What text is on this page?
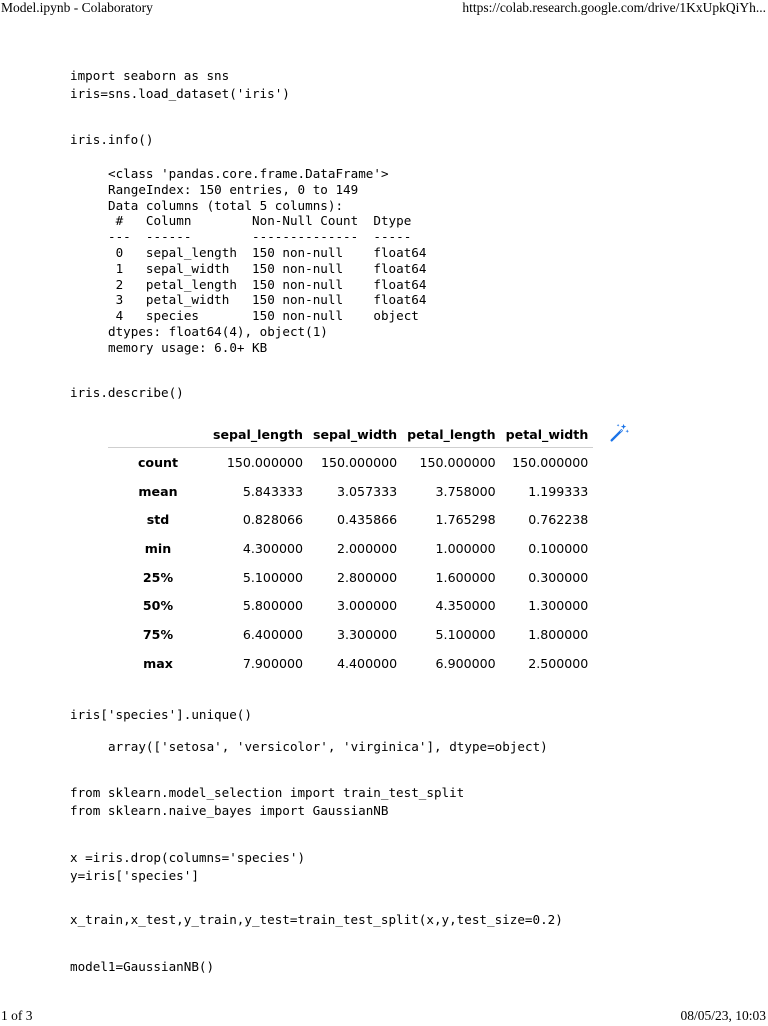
Model.ipynb - Colaboratory	https://colab.research.google.com/drive/1KxUpkQiYh...
import seaborn as sns
iris=sns.load_dataset('iris')
iris.info()
<class 'pandas.core.frame.DataFrame'>
RangeIndex: 150 entries, 0 to 149
Data columns (total 5 columns):
#   Column        Non-Null Count  Dtype
---  ------        --------------  -----
0   sepal_length  150 non-null    float64
1   sepal_width   150 non-null    float64
2   petal_length  150 non-null    float64
3   petal_width   150 non-null    float64
4   species       150 non-null    object
dtypes: float64(4), object(1)
memory usage: 6.0+ KB
iris.describe()
	sepal_length	sepal_width	petal_length	petal_width
count	150.000000	150.000000	150.000000	150.000000
mean	5.843333	3.057333	3.758000	1.199333
std	0.828066	0.435866	1.765298	0.762238
min	4.300000	2.000000	1.000000	0.100000
25%	5.100000	2.800000	1.600000	0.300000
50%	5.800000	3.000000	4.350000	1.300000
75%	6.400000	3.300000	5.100000	1.800000
max	7.900000	4.400000	6.900000	2.500000
iris['species'].unique()
array(['setosa', 'versicolor', 'virginica'], dtype=object)
from sklearn.model_selection import train_test_split
from sklearn.naive_bayes import GaussianNB
x =iris.drop(columns='species')
y=iris['species']
x_train,x_test,y_train,y_test=train_test_split(x,y,test_size=0.2)
model1=GaussianNB()
1 of 3	08/05/23, 10:03
